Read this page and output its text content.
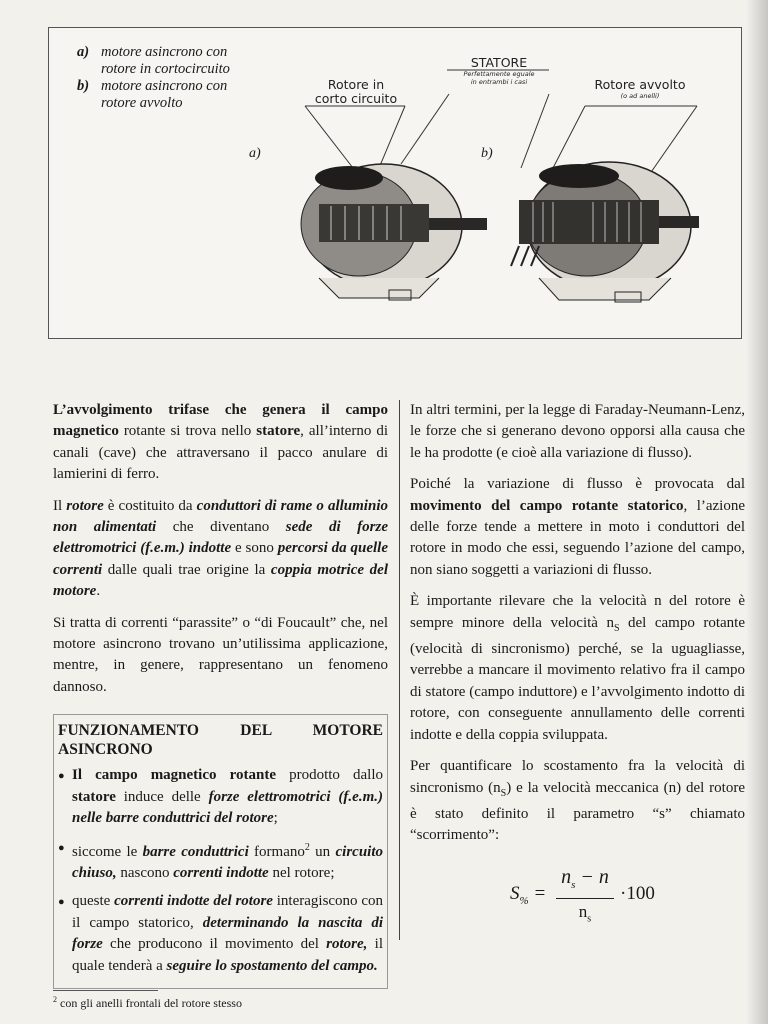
a) motore asincrono con
rotore in cortocircuito
b) motore asincrono con
rotore avvolto
Rotore in
corto circuito
STATORE
Perfettamente eguale
in entrambi i casi	Rotore avvolto
(o ad anelli)
a)	b)

L’avvolgimento trifase che genera il campo magnetico rotante si trova nello statore, all’interno di canali (cave) che attraversano il pacco anulare di lamierini di ferro.

Il rotore è costituito da conduttori di rame o alluminio non alimentati che diventano sede di forze elettromotrici (f.e.m.) indotte e sono percorsi da quelle correnti dalle quali trae origine la coppia motrice del motore.

Si tratta di correnti “parassite” o “di Foucault” che, nel motore asincrono trovano un’utilissima applicazione, mentre, in genere, rappresentano un fenomeno dannoso.

FUNZIONAMENTO DEL MOTORE ASINCRONO
● Il campo magnetico rotante prodotto dallo statore induce delle forze elettromotrici (f.e.m.) nelle barre conduttrici del rotore;
● siccome le barre conduttrici formano$^2$ un circuito chiuso, nascono correnti indotte nel rotore;
● queste correnti indotte del rotore interagiscono con il campo statorico, determinando la nascita di forze che producono il movimento del rotore, il quale tenderà a seguire lo spostamento del campo.

In altri termini, per la legge di Faraday-Neumann-Lenz, le forze che si generano devono opporsi alla causa che le ha prodotte (e cioè alla variazione di flusso).

Poiché la variazione di flusso è provocata dal movimento del campo rotante statorico, l’azione delle forze tende a mettere in moto i conduttori del rotore in modo che essi, seguendo l’azione del campo, non siano soggetti a variazioni di flusso.

È importante rilevare che la velocità n del rotore è sempre minore della velocità $n_S$ del campo rotante (velocità di sincronismo) perché, se la uguagliasse, verrebbe a mancare il movimento relativo fra il campo di statore (campo induttore) e l’avvolgimento indotto di rotore, con conseguente annullamento delle correnti indotte e della coppia sviluppata.

Per quantificare lo scostamento fra la velocità di sincronismo $(n_S)$ e la velocità meccanica (n) del rotore è stato definito il parametro “s” chiamato “scorrimento”:

$S_{\%} = \frac{n_s - n}{n_s} \cdot 100$
$^2$ con gli anelli frontali del rotore stesso
